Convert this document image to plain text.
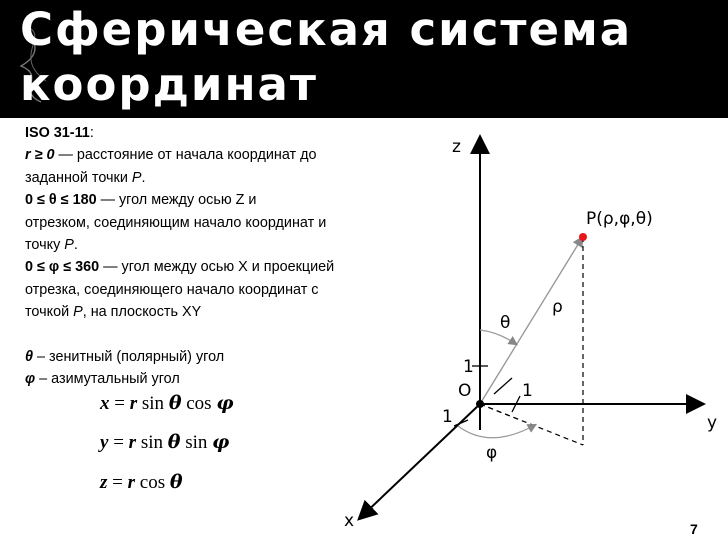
Сферическая система
координат

ISO 31-11:

r ≥ 0 — расстояние от начала координат до

заданной точки P.

0 ≤ θ ≤ 180 — угол между осью Z и

отрезком, соединяющим начало координат и

точку P.

0 ≤ φ ≤ 360 — угол между осью X и проекцией

отрезка, соединяющего начало координат с

точкой P, на плоскость XY

θ – зенитный (полярный) угол

φ – азимутальный угол

x = r sin θ cos φ
y = r sin θ sin φ
z = r cos θ
z
y
x
O
P(ρ,φ,θ)
ρ
θ
φ
1
1
1
7
